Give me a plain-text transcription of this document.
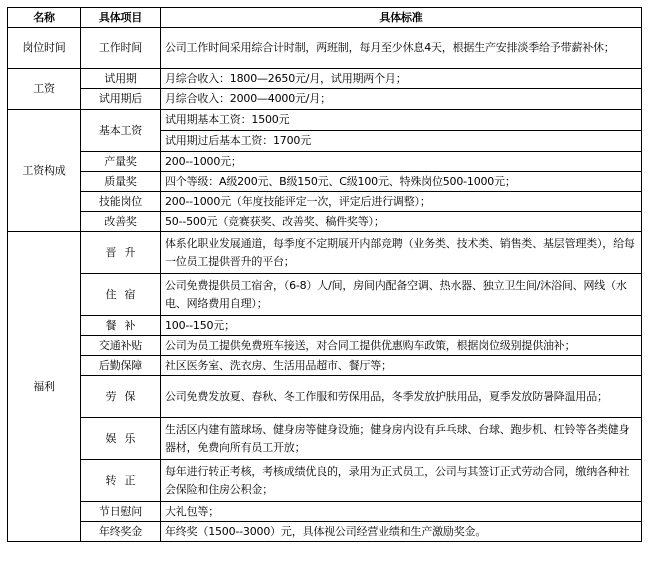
名称	具体项目	具体标准
岗位时间	工作时间	公司工作时间采用综合计时制，两班制，每月至少休息4天，根据生产安排淡季给予带薪补休；
工资	试用期	月综合收入：1800—2650元/月，试用期两个月；
	试用期后	月综合收入：2000—4000元/月；
工资构成	基本工资	试用期基本工资：1500元
		试用期过后基本工资：1700元
	产量奖	200--1000元；
	质量奖	四个等级：A级200元、B级150元、C级100元、特殊岗位500-1000元；
	技能岗位	200--1000元（年度技能评定一次，评定后进行调整）；
	改善奖	50--500元（竞赛获奖、改善奖、稿件奖等）；
福利	晋升	体系化职业发展通道，每季度不定期展开内部竞聘（业务类、技术类、销售类、基层管理类），给每一位员工提供晋升的平台；
	住宿	公司免费提供员工宿舍，（6-8）人/间，房间内配备空调、热水器、独立卫生间/沐浴间、网线（水电、网络费用自理）；
	餐补	100--150元；
	交通补贴	公司为员工提供免费班车接送，对合同工提供优惠购车政策，根据岗位级别提供油补；
	后勤保障	社区医务室、洗衣房、生活用品超市、餐厅等；
	劳保	公司免费发放夏、春秋、冬工作服和劳保用品，冬季发放护肤用品，夏季发放防暑降温用品；
	娱乐	生活区内建有篮球场、健身房等健身设施；健身房内设有乒乓球、台球、跑步机、杠铃等各类健身器材，免费向所有员工开放；
	转正	每年进行转正考核，考核成绩优良的，录用为正式员工，公司与其签订正式劳动合同，缴纳各种社会保险和住房公积金；
	节日慰问	大礼包等；
	年终奖金	年终奖（1500--3000）元，具体视公司经营业绩和生产激励奖金。
